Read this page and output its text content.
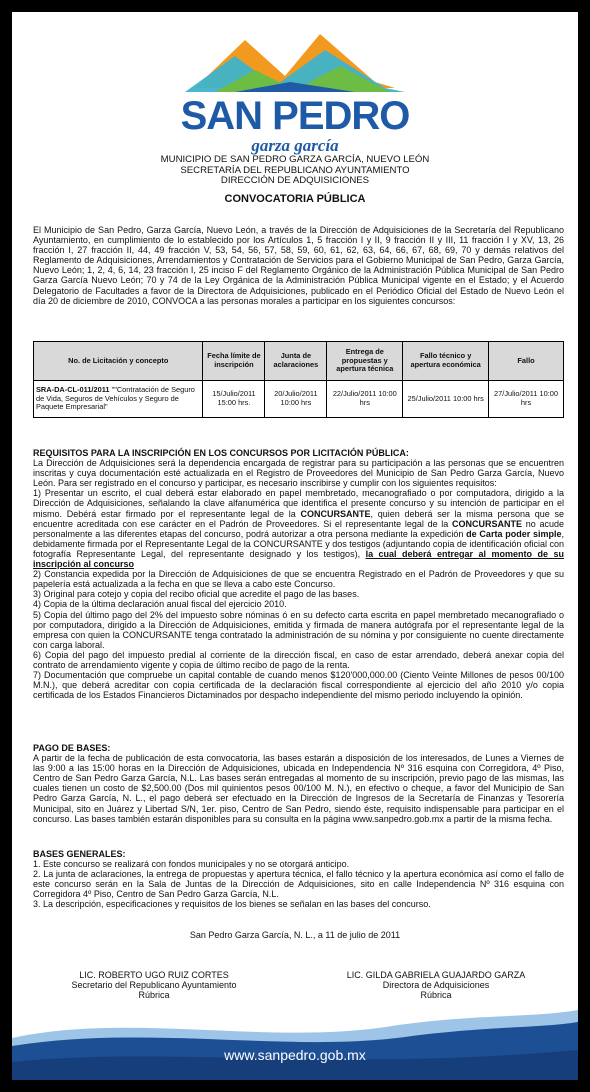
SAN PEDRO
garza garcía
MUNICIPIO DE SAN PEDRO GARZA GARCÍA, NUEVO LEÓN
SECRETARÍA DEL REPUBLICANO AYUNTAMIENTO
DIRECCIÓN DE ADQUISICIONES
CONVOCATORIA PÚBLICA
El Municipio de San Pedro, Garza García, Nuevo León, a través de la Dirección de Adquisiciones de la Secretaría del Republicano Ayuntamiento, en cumplimiento de lo establecido por los Artículos 1, 5 fracción I y II, 9 fracción II y III, 11 fracción I y XV, 13, 26 fracción I, 27 fracción II, 44, 49 fracción V, 53, 54, 56, 57, 58, 59, 60, 61, 62, 63, 64, 66, 67, 68, 69, 70 y demás relativos del Reglamento de Adquisiciones, Arrendamientos y Contratación de Servicios para el Gobierno Municipal de San Pedro, Garza García, Nuevo León; 1, 2, 4, 6, 14, 23 fracción I, 25 inciso F del Reglamento Orgánico de la Administración Pública Municipal de San Pedro Garza García Nuevo León; 70 y 74 de la Ley Orgánica de la Administración Pública Municipal vigente en el Estado; y el Acuerdo Delegatorio de Facultades a favor de la Directora de Adquisiciones, publicado en el Periódico Oficial del Estado de Nuevo León el día 20 de diciembre de 2010, CONVOCA a las personas morales a participar en los siguientes concursos:
No. de Licitación y concepto	Fecha límite de inscripción	Junta de aclaraciones	Entrega de propuestas y apertura técnica	Fallo técnico y apertura económica	Fallo
SRA-DA-CL-011/2011 ""Contratación de Seguro de Vida, Seguros de Vehículos y Seguro de Paquete Empresarial"	15/Julio/2011 15:00 hrs.	20/Julio/2011 10:00 hrs	22/Julio/2011 10:00 hrs	25/Julio/2011 10:00 hrs	27/Julio/2011 10:00 hrs

REQUISITOS PARA LA INSCRIPCIÓN EN LOS CONCURSOS POR LICITACIÓN PÚBLICA:

La Dirección de Adquisiciones será la dependencia encargada de registrar para su participación a las personas que se encuentren inscritas y cuya documentación esté actualizada en el Registro de Proveedores del Municipio de San Pedro Garza García, Nuevo León. Para ser registrado en el concurso y participar, es necesario inscribirse y cumplir con los siguientes requisitos:

1) Presentar un escrito, el cual deberá estar elaborado en papel membretado, mecanografiado o por computadora, dirigido a la Dirección de Adquisiciones, señalando la clave alfanumérica que identifica el presente concurso y su intención de participar en el mismo. Debérá estar firmado por el representante legal de la CONCURSANTE, quien deberá ser la misma persona que se encuentre acreditada con ese carácter en el Padrón de Proveedores. Si el representante legal de la CONCURSANTE no acude personalmente a las diferentes etapas del concurso, podrá autorizar a otra persona mediante la expedición de Carta poder simple, debidamente firmada por el Representante Legal de la CONCURSANTE y dos testigos (adjuntando copia de identificación oficial con fotografía Representante Legal, del representante designado y los testigos), la cual deberá entregar al momento de su inscripción al concurso

2) Constancia expedida por la Dirección de Adquisiciones de que se encuentra Registrado en el Padrón de Proveedores y que su papelería está actualizada a la fecha en que se lleva a cabo este Concurso.

3) Original para cotejo y copia del recibo oficial que acredite el pago de las bases.

4) Copia de la última declaración anual fiscal del ejercicio 2010.

5) Copia del último pago del 2% del impuesto sobre nóminas ó en su defecto carta escrita en papel membretado mecanografiado o por computadora, dirigido a la Dirección de Adquisiciones, emitida y firmada de manera autógrafa por el representante legal de la empresa con quien la CONCURSANTE tenga contratado la administración de su nómina y por consiguiente no cuente directamente con carga laboral.

6) Copia del pago del impuesto predial al corriente de la dirección fiscal, en caso de estar arrendado, deberá anexar copia del contrato de arrendamiento vigente y copia de último recibo de pago de la renta.

7) Documentación que compruebe un capital contable de cuando menos $120'000,000.00 (Ciento Veinte Millones de pesos 00/100 M.N.), que deberá acreditar con copia certificada de la declaración fiscal correspondiente al ejercicio del año 2010 y/o copia certificada de los Estados Financieros Dictaminados por despacho independiente del mismo periodo incluyendo la opinión.

PAGO DE BASES:

A partir de la fecha de publicación de esta convocatoria, las bases estarán a disposición de los interesados, de Lunes a Viernes de las 9:00 a las 15:00 horas en la Dirección de Adquisiciones, ubicada en Independencia Nº 316 esquina con Corregidora, 4º Piso, Centro de San Pedro Garza García, N.L. Las bases serán entregadas al momento de su inscripción, previo pago de las mismas, las cuales tienen un costo de $2,500.00 (Dos mil quinientos pesos 00/100 M. N.), en efectivo o cheque, a favor del Municipio de San Pedro Garza García, N. L., el pago deberá ser efectuado en la Dirección de Ingresos de la Secretaría de Finanzas y Tesorería Municipal, sito en Juárez y Libertad S/N, 1er. piso, Centro de San Pedro, siendo éste, requisito indispensable para participar en el concurso. Las bases también estarán disponibles para su consulta en la página www.sanpedro.gob.mx a partir de la misma fecha.

BASES GENERALES:

1. Este concurso se realizará con fondos municipales y no se otorgará anticipo.

2. La junta de aclaraciones, la entrega de propuestas y apertura técnica, el fallo técnico y la apertura económica así como el fallo de este concurso serán en la Sala de Juntas de la Dirección de Adquisiciones, sito en calle Independencia Nº 316 esquina con Corregidora 4º Piso, Centro de San Pedro Garza García, N.L.

3. La descripción, especificaciones y requisitos de los bienes se señalan en las bases del concurso.

San Pedro Garza García, N. L., a 11 de julio de 2011
LIC. ROBERTO UGO RUIZ CORTES
Secretario del Republicano Ayuntamiento
Rúbrica
LIC. GILDA GABRIELA GUAJARDO GARZA
Directora de Adquisiciones
Rúbrica
www.sanpedro.gob.mx
